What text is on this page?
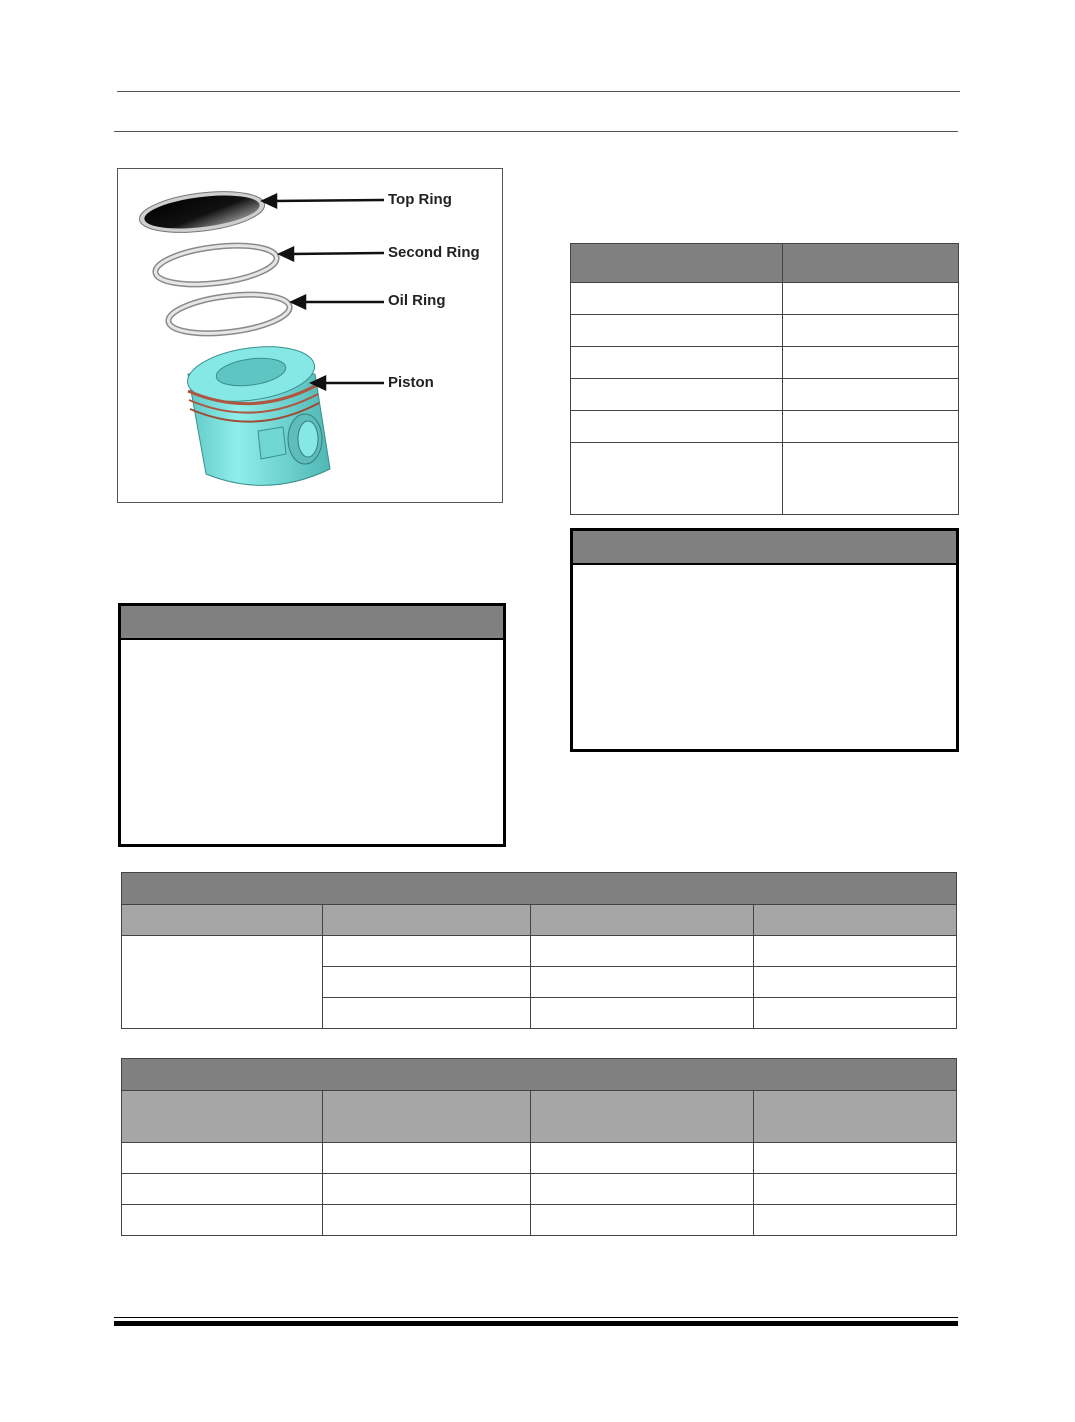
Top Ring
Second Ring
Oil Ring
Piston
